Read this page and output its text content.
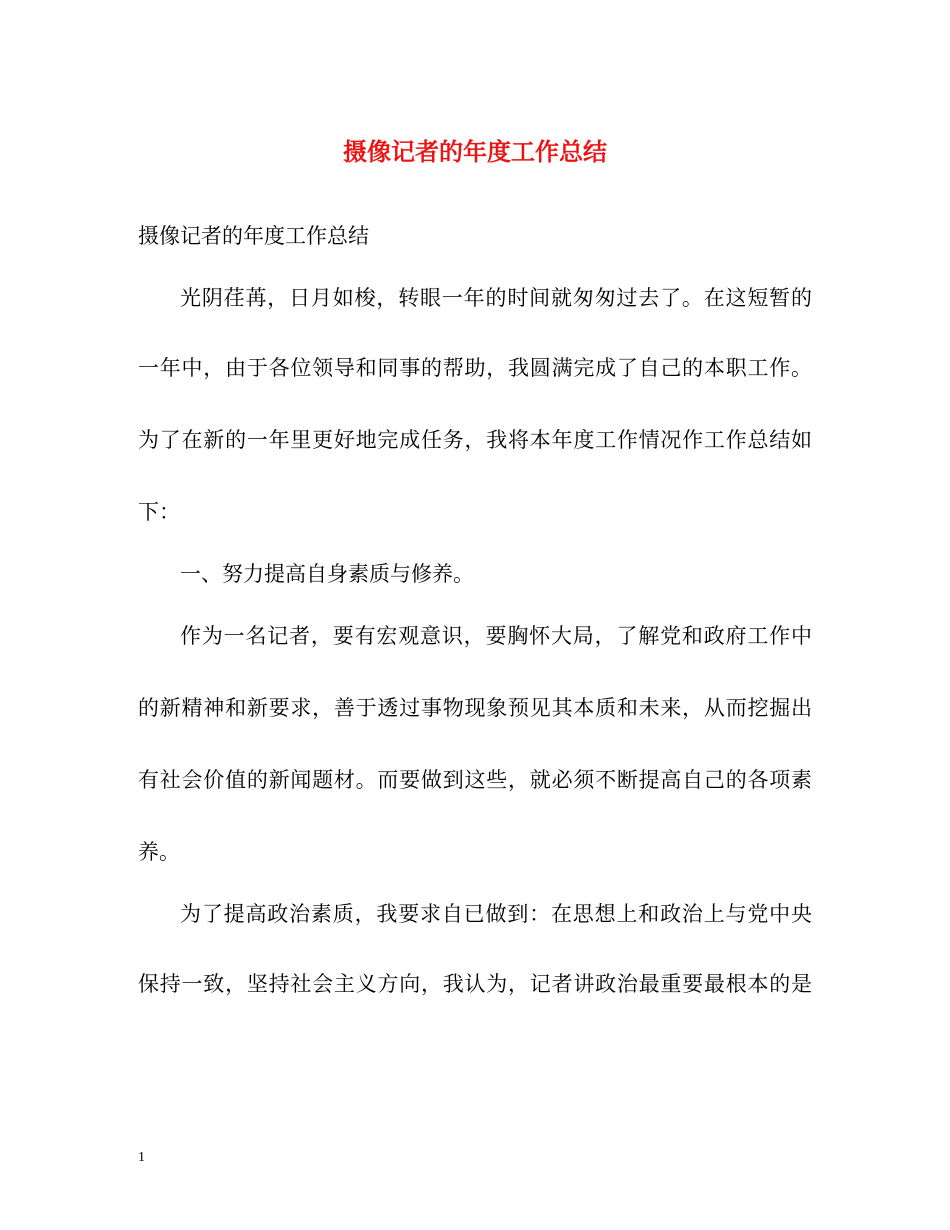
摄像记者的年度工作总结
摄像记者的年度工作总结
光阴荏苒，日月如梭，转眼一年的时间就匆匆过去了。在这短暂的
一年中，由于各位领导和同事的帮助，我圆满完成了自己的本职工作。
为了在新的一年里更好地完成任务，我将本年度工作情况作工作总结如
下：
一、努力提高自身素质与修养。
作为一名记者，要有宏观意识，要胸怀大局，了解党和政府工作中
的新精神和新要求，善于透过事物现象预见其本质和未来，从而挖掘出
有社会价值的新闻题材。而要做到这些，就必须不断提高自己的各项素
养。
为了提高政治素质，我要求自已做到：在思想上和政治上与党中央
保持一致，坚持社会主义方向，我认为，记者讲政治最重要最根本的是
1
